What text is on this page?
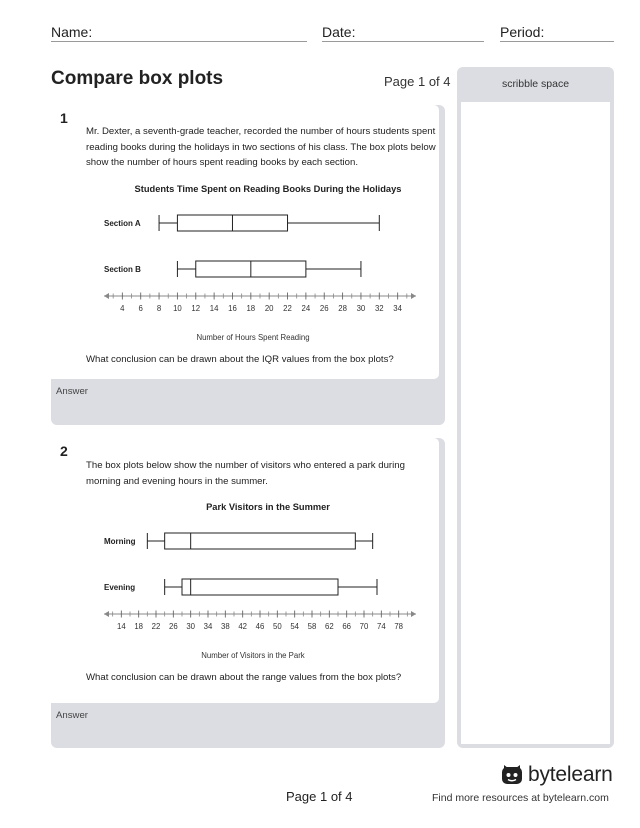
Name:	Date:	Period:
Compare box plots	Page 1 of 4
1
Mr. Dexter, a seventh-grade teacher, recorded the number of hours students spent reading books during the holidays in two sections of his class. The box plots below show the number of hours spent reading books by each section.
Students Time Spent on Reading Books During the Holidays
4 6 8 10 12 14 16 18 20 22 24 26 28 30 32 34
Number of Hours Spent Reading
Section A
Section B
What conclusion can be drawn about the IQR values from the box plots?
Answer
2
The box plots below show the number of visitors who entered a park during morning and evening hours in the summer.
Park Visitors in the Summer
14 18 22 26 30 34 38 42 46 50 54 58 62 66 70 74 78
Number of Visitors in the Park
Morning
Evening
What conclusion can be drawn about the range values from the box plots?
Answer
scribble space
Page 1 of 4
bytelearn
Find more resources at bytelearn.com
